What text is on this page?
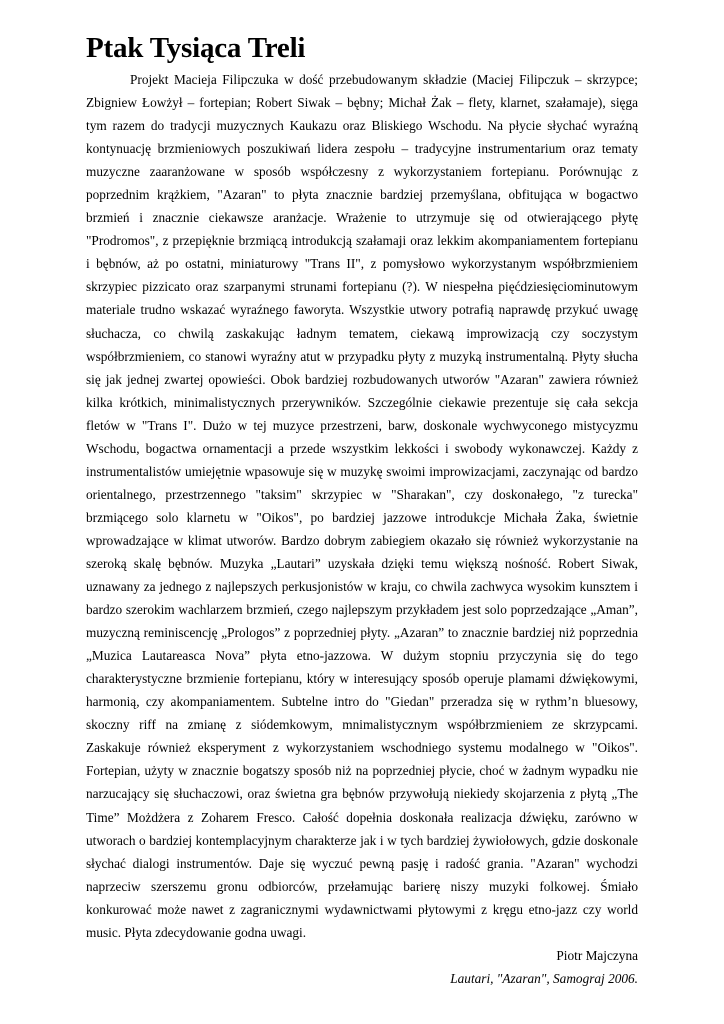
Ptak Tysiąca Treli

Projekt Macieja Filipczuka w dość przebudowanym składzie (Maciej Filipczuk – skrzypce; Zbigniew Łowżył – fortepian; Robert Siwak – bębny; Michał Żak – flety, klarnet, szałamaje), sięga tym razem do tradycji muzycznych Kaukazu oraz Bliskiego Wschodu. Na płycie słychać wyraźną kontynuację brzmieniowych poszukiwań lidera zespołu – tradycyjne instrumentarium oraz tematy muzyczne zaaranżowane w sposób współczesny z wykorzystaniem fortepianu. Porównując z poprzednim krążkiem, "Azaran" to płyta znacznie bardziej przemyślana, obfitująca w bogactwo brzmień i znacznie ciekawsze aranżacje. Wrażenie to utrzymuje się od otwierającego płytę "Prodromos", z przepięknie brzmiącą introdukcją szałamaji oraz lekkim akompaniamentem fortepianu i bębnów, aż po ostatni, miniaturowy "Trans II", z pomysłowo wykorzystanym współbrzmieniem skrzypiec pizzicato oraz szarpanymi strunami fortepianu (?). W niespełna pięćdziesięciominutowym materiale trudno wskazać wyraźnego faworyta. Wszystkie utwory potrafią naprawdę przykuć uwagę słuchacza, co chwilą zaskakując ładnym tematem, ciekawą improwizacją czy soczystym współbrzmieniem, co stanowi wyraźny atut w przypadku płyty z muzyką instrumentalną. Płyty słucha się jak jednej zwartej opowieści. Obok bardziej rozbudowanych utworów "Azaran" zawiera również kilka krótkich, minimalistycznych przerywników. Szczególnie ciekawie prezentuje się cała sekcja fletów w "Trans I". Dużo w tej muzyce przestrzeni, barw, doskonale wychwyconego mistycyzmu Wschodu, bogactwa ornamentacji a przede wszystkim lekkości i swobody wykonawczej. Każdy z instrumentalistów umiejętnie wpasowuje się w muzykę swoimi improwizacjami, zaczynając od bardzo orientalnego, przestrzennego "taksim" skrzypiec w "Sharakan", czy doskonałego, "z turecka" brzmiącego solo klarnetu w "Oikos", po bardziej jazzowe introdukcje Michała Żaka, świetnie wprowadzające w klimat utworów. Bardzo dobrym zabiegiem okazało się również wykorzystanie na szeroką skalę bębnów. Muzyka „Lautari” uzyskała dzięki temu większą nośność. Robert Siwak, uznawany za jednego z najlepszych perkusjonistów w kraju, co chwila zachwyca wysokim kunsztem i bardzo szerokim wachlarzem brzmień, czego najlepszym przykładem jest solo poprzedzające „Aman”, muzyczną reminiscencję „Prologos” z poprzedniej płyty. „Azaran” to znacznie bardziej niż poprzednia „Muzica Lautareasca Nova” płyta etno-jazzowa. W dużym stopniu przyczynia się do tego charakterystyczne brzmienie fortepianu, który w interesujący sposób operuje plamami dźwiękowymi, harmonią, czy akompaniamentem. Subtelne intro do "Giedan" przeradza się w rythm’n bluesowy, skoczny riff na zmianę z siódemkowym, mnimalistycznym współbrzmieniem ze skrzypcami. Zaskakuje również eksperyment z wykorzystaniem wschodniego systemu modalnego w "Oikos". Fortepian, użyty w znacznie bogatszy sposób niż na poprzedniej płycie, choć w żadnym wypadku nie narzucający się słuchaczowi, oraz świetna gra bębnów przywołują niekiedy skojarzenia z płytą „The Time” Możdżera z Zoharem Fresco. Całość dopełnia doskonała realizacja dźwięku, zarówno w utworach o bardziej kontemplacyjnym charakterze jak i w tych bardziej żywiołowych, gdzie doskonale słychać dialogi instrumentów. Daje się wyczuć pewną pasję i radość grania. "Azaran" wychodzi naprzeciw szerszemu gronu odbiorców, przełamując barierę niszy muzyki folkowej. Śmiało konkurować może nawet z zagranicznymi wydawnictwami płytowymi z kręgu etno-jazz czy world music. Płyta zdecydowanie godna uwagi.

Piotr Majczyna

Lautari, "Azaran", Samograj 2006.
